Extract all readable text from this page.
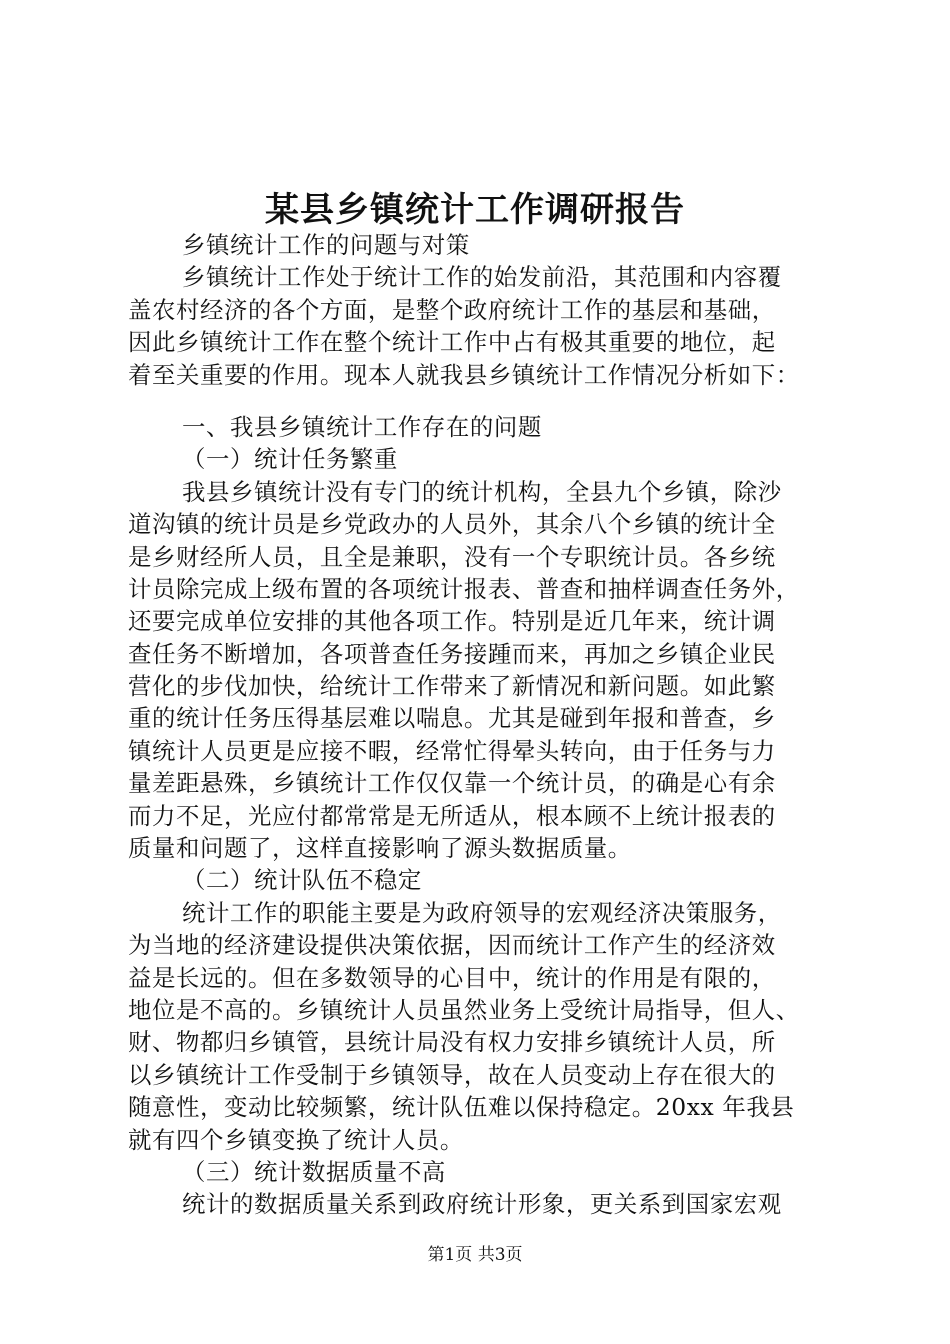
某县乡镇统计工作调研报告
乡镇统计工作的问题与对策
乡镇统计工作处于统计工作的始发前沿，其范围和内容覆
盖农村经济的各个方面，是整个政府统计工作的基层和基础，
因此乡镇统计工作在整个统计工作中占有极其重要的地位，起
着至关重要的作用。现本人就我县乡镇统计工作情况分析如下：
一、我县乡镇统计工作存在的问题
（一）统计任务繁重
我县乡镇统计没有专门的统计机构，全县九个乡镇，除沙
道沟镇的统计员是乡党政办的人员外，其余八个乡镇的统计全
是乡财经所人员，且全是兼职，没有一个专职统计员。各乡统
计员除完成上级布置的各项统计报表、普查和抽样调查任务外，
还要完成单位安排的其他各项工作。特别是近几年来，统计调
查任务不断增加，各项普查任务接踵而来，再加之乡镇企业民
营化的步伐加快，给统计工作带来了新情况和新问题。如此繁
重的统计任务压得基层难以喘息。尤其是碰到年报和普查，乡
镇统计人员更是应接不暇，经常忙得晕头转向，由于任务与力
量差距悬殊，乡镇统计工作仅仅靠一个统计员，的确是心有余
而力不足，光应付都常常是无所适从，根本顾不上统计报表的
质量和问题了，这样直接影响了源头数据质量。
（二）统计队伍不稳定
统计工作的职能主要是为政府领导的宏观经济决策服务，
为当地的经济建设提供决策依据，因而统计工作产生的经济效
益是长远的。但在多数领导的心目中，统计的作用是有限的，
地位是不高的。乡镇统计人员虽然业务上受统计局指导，但人、
财、物都归乡镇管，县统计局没有权力安排乡镇统计人员，所
以乡镇统计工作受制于乡镇领导，故在人员变动上存在很大的
随意性，变动比较频繁，统计队伍难以保持稳定。20xx 年我县
就有四个乡镇变换了统计人员。
（三）统计数据质量不高
统计的数据质量关系到政府统计形象，更关系到国家宏观
第1页 共3页
